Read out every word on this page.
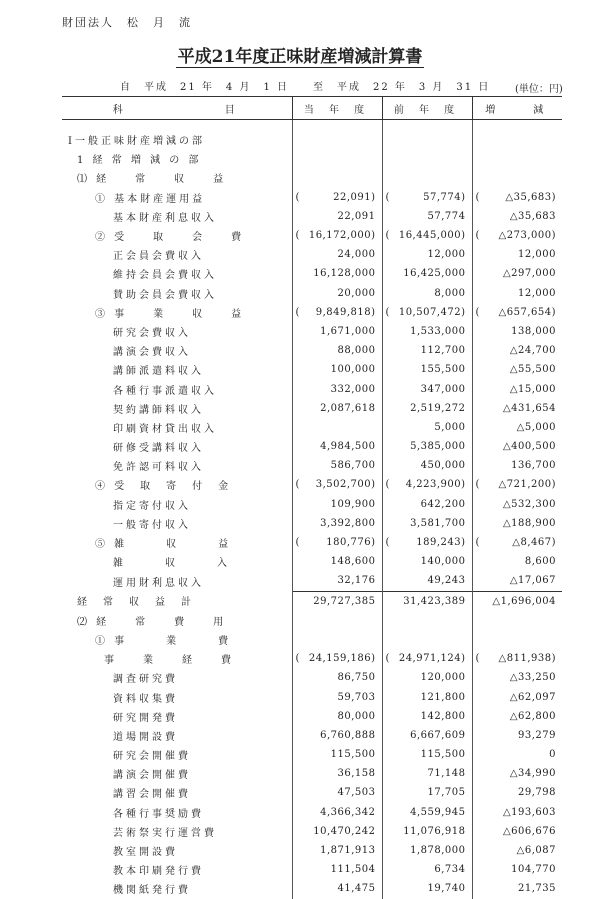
財団法人　松　月　流
平成21年度正味財産増減計算書
自　平成　21 年　4 月　1 日　　至　平成　22 年　3 月　31 日 (単位：円)
科　　　　　　目	当 年 度	前 年 度	増　　減

Ⅰ一般正味財産増減の部			
1 経 常 増 減 の 部			
⑴ 経　　常　　収　　益			
① 基本財産運用益	( 22,091)	( 57,774)	( △35,683)
基本財産利息収入	22,091	57,774	△35,683
② 受　　取　　会　　費	( 16,172,000)	( 16,445,000)	( △273,000)
正会員会費収入	24,000	12,000	12,000
維持会員会費収入	16,128,000	16,425,000	△297,000
賛助会員会費収入	20,000	8,000	12,000
③ 事　　業　　収　　益	( 9,849,818)	( 10,507,472)	( △657,654)
研究会費収入	1,671,000	1,533,000	138,000
講演会費収入	88,000	112,700	△24,700
講師派遣料収入	100,000	155,500	△55,500
各種行事派遣収入	332,000	347,000	△15,000
契約講師料収入	2,087,618	2,519,272	△431,654
印刷資材貸出収入		5,000	△5,000
研修受講料収入	4,984,500	5,385,000	△400,500
免許認可料収入	586,700	450,000	136,700
④ 受　取　寄　付　金	( 3,502,700)	( 4,223,900)	( △721,200)
指定寄付収入	109,900	642,200	△532,300
一般寄付収入	3,392,800	3,581,700	△188,900
⑤ 雑　　　収　　　益	( 180,776)	( 189,243)	( △8,467)
雑　　　収　　　入	148,600	140,000	8,600
運用財利息収入	32,176	49,243	△17,067
経　常　収　益　計	29,727,385	31,423,389	△1,696,004
⑵ 経　　常　　費　　用			
① 事　　　業　　　費			
事　　業　　経　　費	( 24,159,186)	( 24,971,124)	( △811,938)
調査研究費	86,750	120,000	△33,250
資料収集費	59,703	121,800	△62,097
研究開発費	80,000	142,800	△62,800
道場開設費	6,760,888	6,667,609	93,279
研究会開催費	115,500	115,500	0
講演会開催費	36,158	71,148	△34,990
講習会開催費	47,503	17,705	29,798
各種行事奨励費	4,366,342	4,559,945	△193,603
芸術祭実行運営費	10,470,242	11,076,918	△606,676
教室開設費	1,871,913	1,878,000	△6,087
教本印刷発行費	111,504	6,734	104,770
機関紙発行費	41,475	19,740	21,735
